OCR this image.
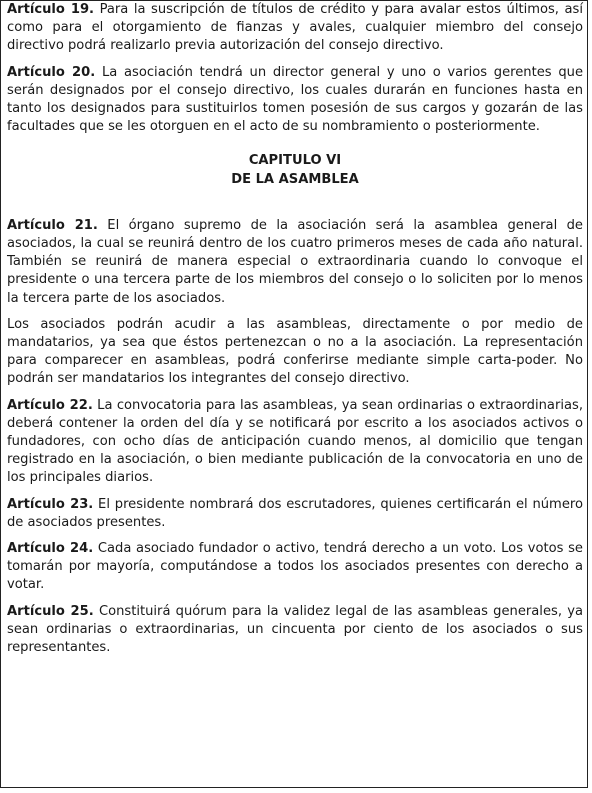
Artículo 19. Para la suscripción de títulos de crédito y para avalar estos últimos, así como para el otorgamiento de fianzas y avales, cualquier miembro del consejo directivo podrá realizarlo previa autorización del consejo directivo.

Artículo 20. La asociación tendrá un director general y uno o varios gerentes que serán designados por el consejo directivo, los cuales durarán en funciones hasta en tanto los designados para sustituirlos tomen posesión de sus cargos y gozarán de las facultades que se les otorguen en el acto de su nombramiento o posteriormente.

CAPITULO VI
DE LA ASAMBLEA

Artículo 21. El órgano supremo de la asociación será la asamblea general de asociados, la cual se reunirá dentro de los cuatro primeros meses de cada año natural. También se reunirá de manera especial o extraordinaria cuando lo convoque el presidente o una tercera parte de los miembros del consejo o lo soliciten por lo menos la tercera parte de los asociados.

Los asociados podrán acudir a las asambleas, directamente o por medio de mandatarios, ya sea que éstos pertenezcan o no a la asociación. La representación para comparecer en asambleas, podrá conferirse mediante simple carta-poder. No podrán ser mandatarios los integrantes del consejo directivo.

Artículo 22. La convocatoria para las asambleas, ya sean ordinarias o extraordinarias, deberá contener la orden del día y se notificará por escrito a los asociados activos o fundadores, con ocho días de anticipación cuando menos, al domicilio que tengan registrado en la asociación, o bien mediante publicación de la convocatoria en uno de los principales diarios.

Artículo 23. El presidente nombrará dos escrutadores, quienes certificarán el número de asociados presentes.

Artículo 24. Cada asociado fundador o activo, tendrá derecho a un voto. Los votos se tomarán por mayoría, computándose a todos los asociados presentes con derecho a votar.

Artículo 25. Constituirá quórum para la validez legal de las asambleas generales, ya sean ordinarias o extraordinarias, un cincuenta por ciento de los asociados o sus representantes.
